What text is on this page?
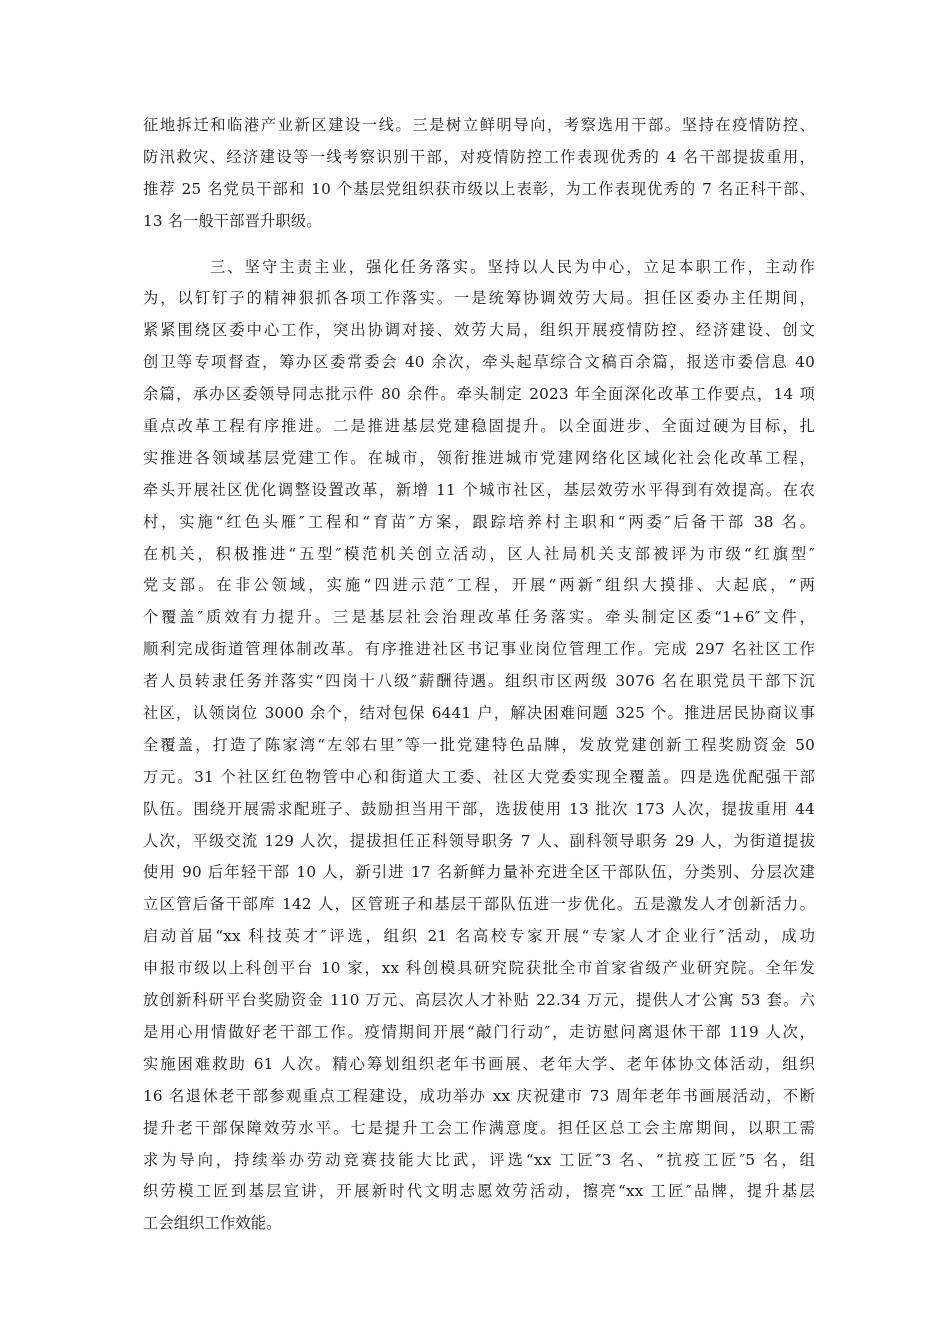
征地拆迁和临港产业新区建设一线。三是树立鲜明导向，考察选用干部。坚持在疫情防控、
防汛救灾、经济建设等一线考察识别干部，对疫情防控工作表现优秀的 4 名干部提拔重用，
推荐 25 名党员干部和 10 个基层党组织获市级以上表彰，为工作表现优秀的 7 名正科干部、
13 名一般干部晋升职级。
三、坚守主责主业，强化任务落实。坚持以人民为中心，立足本职工作，主动作
为，以钉钉子的精神狠抓各项工作落实。一是统筹协调效劳大局。担任区委办主任期间，
紧紧围绕区委中心工作，突出协调对接、效劳大局，组织开展疫情防控、经济建设、创文
创卫等专项督查，筹办区委常委会 40 余次，牵头起草综合文稿百余篇，报送市委信息 40
余篇，承办区委领导同志批示件 80 余件。牵头制定 2023 年全面深化改革工作要点，14 项
重点改革工程有序推进。二是推进基层党建稳固提升。以全面进步、全面过硬为目标，扎
实推进各领域基层党建工作。在城市，领衔推进城市党建网络化区域化社会化改革工程，
牵头开展社区优化调整设置改革，新增 11 个城市社区，基层效劳水平得到有效提高。在农
村，实施“红色头雁″工程和“育苗″方案，跟踪培养村主职和“两委″后备干部 38 名。
在机关，积极推进“五型″模范机关创立活动，区人社局机关支部被评为市级“红旗型″
党支部。在非公领域，实施“四进示范″工程，开展“两新″组织大摸排、大起底，“两
个覆盖″质效有力提升。三是基层社会治理改革任务落实。牵头制定区委“1+6″文件，
顺利完成街道管理体制改革。有序推进社区书记事业岗位管理工作。完成 297 名社区工作
者人员转隶任务并落实“四岗十八级″薪酬待遇。组织市区两级 3076 名在职党员干部下沉
社区，认领岗位 3000 余个，结对包保 6441 户，解决困难问题 325 个。推进居民协商议事
全覆盖，打造了陈家湾“左邻右里″等一批党建特色品牌，发放党建创新工程奖励资金 50
万元。31 个社区红色物管中心和街道大工委、社区大党委实现全覆盖。四是选优配强干部
队伍。围绕开展需求配班子、鼓励担当用干部，选拔使用 13 批次 173 人次，提拔重用 44
人次，平级交流 129 人次，提拔担任正科领导职务 7 人、副科领导职务 29 人，为街道提拔
使用 90 后年轻干部 10 人，新引进 17 名新鲜力量补充进全区干部队伍，分类别、分层次建
立区管后备干部库 142 人，区管班子和基层干部队伍进一步优化。五是激发人才创新活力。
启动首届“xx 科技英才″评选，组织 21 名高校专家开展“专家人才企业行″活动，成功
申报市级以上科创平台 10 家，xx 科创模具研究院获批全市首家省级产业研究院。全年发
放创新科研平台奖励资金 110 万元、高层次人才补贴 22.34 万元，提供人才公寓 53 套。六
是用心用情做好老干部工作。疫情期间开展“敲门行动″，走访慰问离退休干部 119 人次，
实施困难救助 61 人次。精心筹划组织老年书画展、老年大学、老年体协文体活动，组织
16 名退休老干部参观重点工程建设，成功举办 xx 庆祝建市 73 周年老年书画展活动，不断
提升老干部保障效劳水平。七是提升工会工作满意度。担任区总工会主席期间，以职工需
求为导向，持续举办劳动竞赛技能大比武，评选“xx 工匠″3 名、“抗疫工匠″5 名，组
织劳模工匠到基层宣讲，开展新时代文明志愿效劳活动，擦亮“xx 工匠″品牌，提升基层
工会组织工作效能。
